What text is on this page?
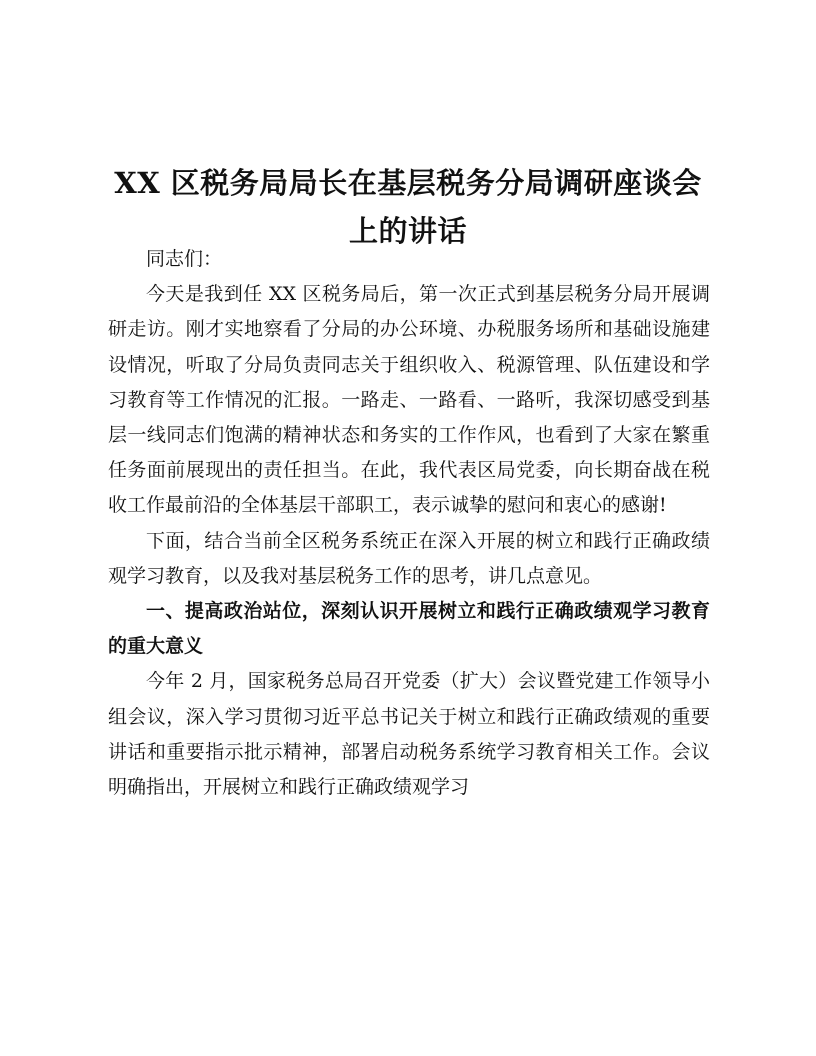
XX 区税务局局长在基层税务分局调研座谈会上的讲话

同志们：

今天是我到任 XX 区税务局后，第一次正式到基层税务分局开展调研走访。刚才实地察看了分局的办公环境、办税服务场所和基础设施建设情况，听取了分局负责同志关于组织收入、税源管理、队伍建设和学习教育等工作情况的汇报。一路走、一路看、一路听，我深切感受到基层一线同志们饱满的精神状态和务实的工作作风，也看到了大家在繁重任务面前展现出的责任担当。在此，我代表区局党委，向长期奋战在税收工作最前沿的全体基层干部职工，表示诚挚的慰问和衷心的感谢!

下面，结合当前全区税务系统正在深入开展的树立和践行正确政绩观学习教育，以及我对基层税务工作的思考，讲几点意见。

一、提高政治站位，深刻认识开展树立和践行正确政绩观学习教育的重大意义

今年 2 月，国家税务总局召开党委（扩大）会议暨党建工作领导小组会议，深入学习贯彻习近平总书记关于树立和践行正确政绩观的重要讲话和重要指示批示精神，部署启动税务系统学习教育相关工作。会议明确指出，开展树立和践行正确政绩观学习
